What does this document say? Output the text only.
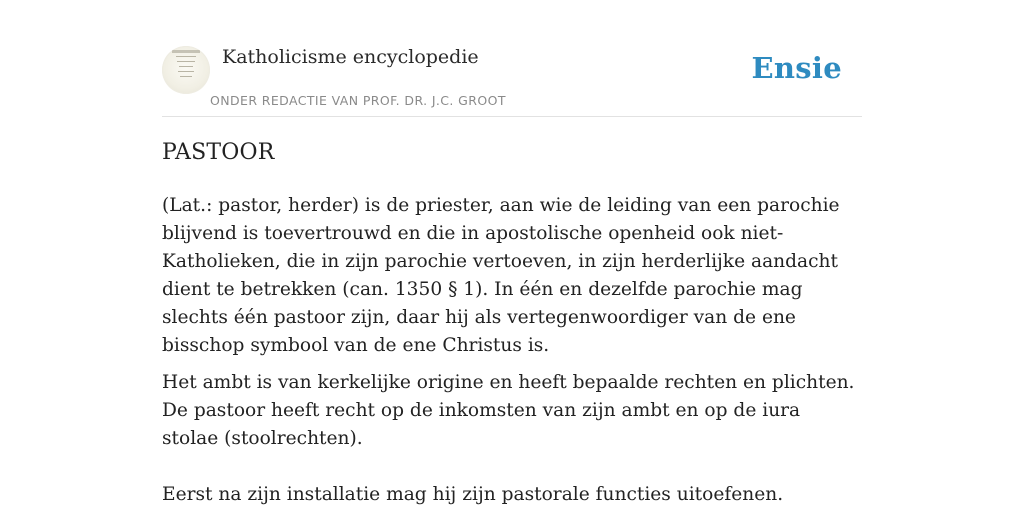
Katholicisme encyclopedie
ONDER REDACTIE VAN PROF. DR. J.C. GROOT
Ensie
PASTOOR

(Lat.: pastor, herder) is de priester, aan wie de leiding van een parochie blijvend is toevertrouwd en die in apostolische openheid ook niet-Katholieken, die in zijn parochie vertoeven, in zijn herderlijke aandacht dient te betrekken (can. 1350 § 1). In één en dezelfde parochie mag slechts één pastoor zijn, daar hij als vertegenwoordiger van de ene bisschop symbool van de ene Christus is.

Het ambt is van kerkelijke origine en heeft bepaalde rechten en plichten. De pastoor heeft recht op de inkomsten van zijn ambt en op de iura stolae (stoolrechten).

Eerst na zijn installatie mag hij zijn pastorale functies uitoefenen.
